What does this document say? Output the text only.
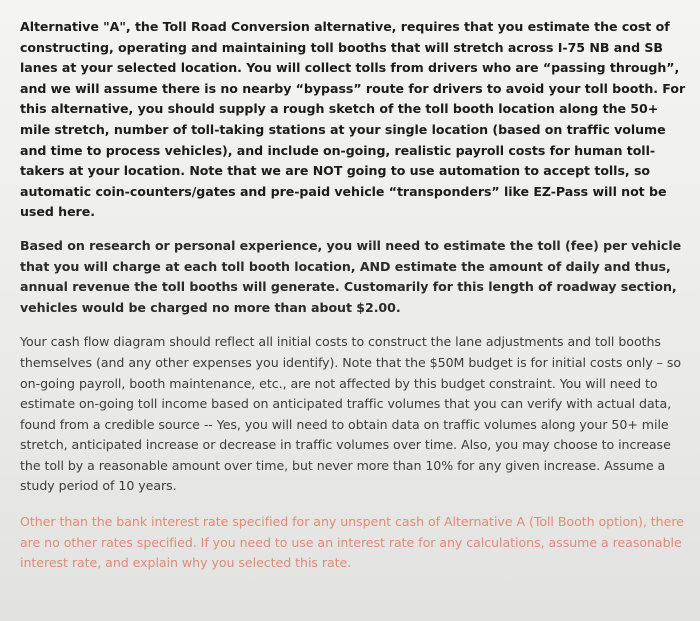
Alternative "A", the Toll Road Conversion alternative, requires that you estimate the cost of constructing, operating and maintaining toll booths that will stretch across I-75 NB and SB lanes at your selected location. You will collect tolls from drivers who are “passing through”, and we will assume there is no nearby “bypass” route for drivers to avoid your toll booth. For this alternative, you should supply a rough sketch of the toll booth location along the 50+ mile stretch, number of toll-taking stations at your single location (based on traffic volume and time to process vehicles), and include on-going, realistic payroll costs for human toll-takers at your location. Note that we are NOT going to use automation to accept tolls, so automatic coin-counters/gates and pre-paid vehicle “transponders” like EZ-Pass will not be used here.

Based on research or personal experience, you will need to estimate the toll (fee) per vehicle that you will charge at each toll booth location, AND estimate the amount of daily and thus, annual revenue the toll booths will generate. Customarily for this length of roadway section, vehicles would be charged no more than about $2.00.

Your cash flow diagram should reflect all initial costs to construct the lane adjustments and toll booths themselves (and any other expenses you identify). Note that the $50M budget is for initial costs only – so on-going payroll, booth maintenance, etc., are not affected by this budget constraint. You will need to estimate on-going toll income based on anticipated traffic volumes that you can verify with actual data, found from a credible source -- Yes, you will need to obtain data on traffic volumes along your 50+ mile stretch, anticipated increase or decrease in traffic volumes over time. Also, you may choose to increase the toll by a reasonable amount over time, but never more than 10% for any given increase. Assume a study period of 10 years.

Other than the bank interest rate specified for any unspent cash of Alternative A (Toll Booth option), there are no other rates specified. If you need to use an interest rate for any calculations, assume a reasonable interest rate, and explain why you selected this rate.
